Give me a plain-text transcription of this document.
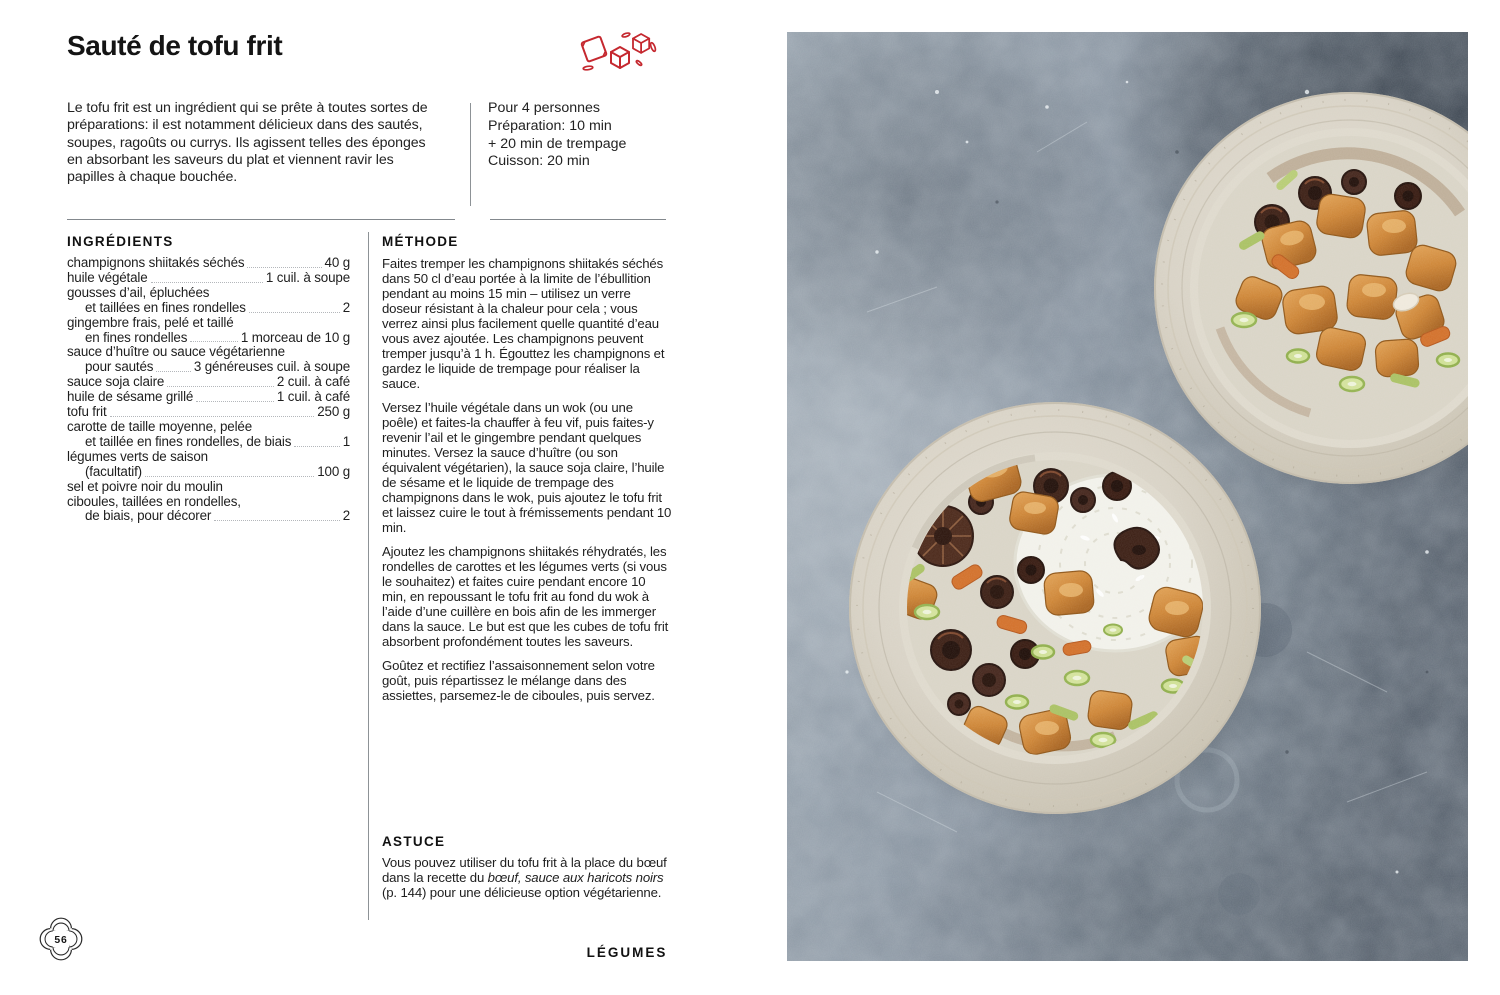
Sauté de tofu frit
Le tofu frit est un ingrédient qui se prête à toutes sortes de préparations: il est notamment délicieux dans des sautés, soupes, ragoûts ou currys. Ils agissent telles des éponges en absorbant les saveurs du plat et viennent ravir les papilles à chaque bouchée.
Pour 4 personnes
Préparation: 10 min
+ 20 min de trempage
Cuisson: 20 min
INGRÉDIENTS
champignons shiitakés séchés	40 g
huile végétale	1 cuil. à soupe
gousses d’ail, épluchées
et taillées en fines rondelles	2
gingembre frais, pelé et taillé
en fines rondelles	1 morceau de 10 g
sauce d’huître ou sauce végétarienne
pour sautés	3 généreuses cuil. à soupe
sauce soja claire	2 cuil. à café
huile de sésame grillé	1 cuil. à café
tofu frit	250 g
carotte de taille moyenne, pelée
et taillée en fines rondelles, de biais	1
légumes verts de saison
(facultatif)	100 g
sel et poivre noir du moulin
ciboules, taillées en rondelles,
de biais, pour décorer	2
MÉTHODE

Faites tremper les champignons shiitakés séchés dans 50 cl d’eau portée à la limite de l’ébullition pendant au moins 15 min – utilisez un verre doseur résistant à la chaleur pour cela ; vous verrez ainsi plus facilement quelle quantité d’eau vous avez ajoutée. Les champignons peuvent tremper jusqu’à 1 h. Égouttez les champignons et gardez le liquide de trempage pour réaliser la sauce.

Versez l’huile végétale dans un wok (ou une poêle) et faites-la chauffer à feu vif, puis faites-y revenir l’ail et le gingembre pendant quelques minutes. Versez la sauce d’huître (ou son équivalent végétarien), la sauce soja claire, l’huile de sésame et le liquide de trempage des champignons dans le wok, puis ajoutez le tofu frit et laissez cuire le tout à frémissements pendant 10 min.

Ajoutez les champignons shiitakés réhydratés, les rondelles de carottes et les légumes verts (si vous le souhaitez) et faites cuire pendant encore 10 min, en repoussant le tofu frit au fond du wok à l’aide d’une cuillère en bois afin de les immerger dans la sauce. Le but est que les cubes de tofu frit absorbent profondément toutes les saveurs.

Goûtez et rectifiez l’assaisonnement selon votre goût, puis répartissez le mélange dans des assiettes, parsemez-le de ciboules, puis servez.

ASTUCE
Vous pouvez utiliser du tofu frit à la place du bœuf dans la recette du bœuf, sauce aux haricots noirs (p. 144) pour une délicieuse option végétarienne.
56
LÉGUMES
